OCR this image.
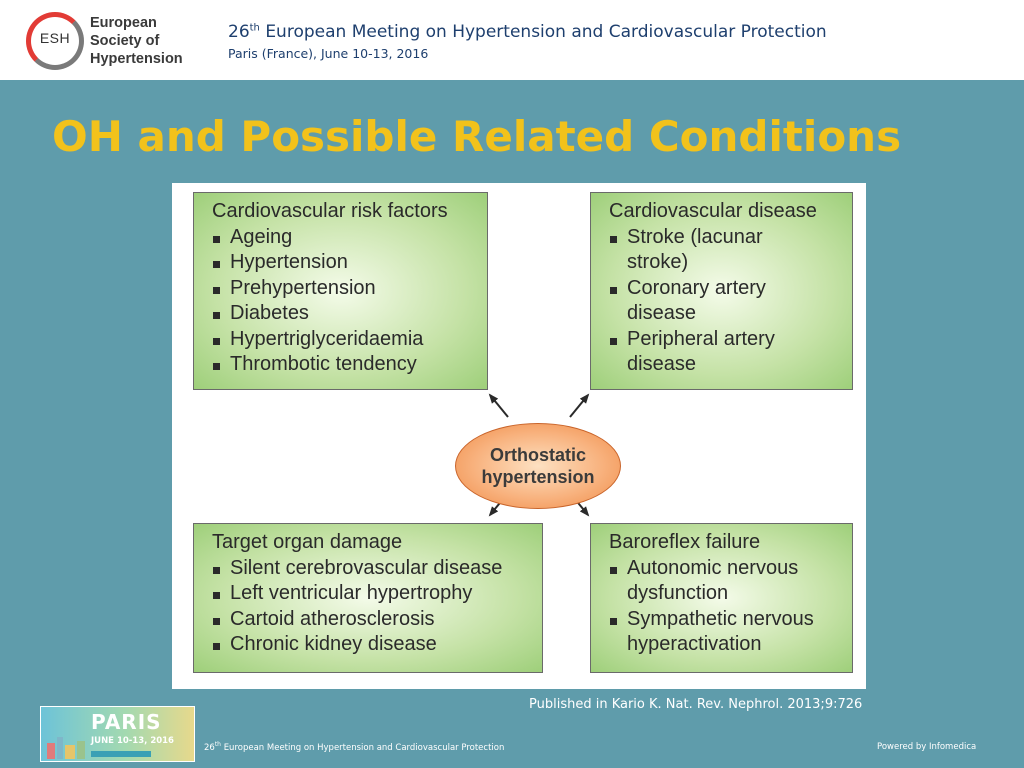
ESH
European
Society of
Hypertension
26th European Meeting on Hypertension and Cardiovascular Protection
Paris (France), June 10-13, 2016
OH and Possible Related Conditions
Cardiovascular risk factors
Ageing
Hypertension
Prehypertension
Diabetes
Hypertriglyceridaemia
Thrombotic tendency
Cardiovascular disease
Stroke (lacunar
stroke)
Coronary artery
disease
Peripheral artery
disease
Orthostatic
hypertension
Target organ damage
Silent cerebrovascular disease
Left ventricular hypertrophy
Cartoid atherosclerosis
Chronic kidney disease
Baroreflex failure
Autonomic nervous
dysfunction
Sympathetic nervous
hyperactivation
Published in Kario K. Nat. Rev. Nephrol. 2013;9:726
PARIS
JUNE 10-13, 2016
26th European Meeting on Hypertension and Cardiovascular Protection	Powered by Infomedica
